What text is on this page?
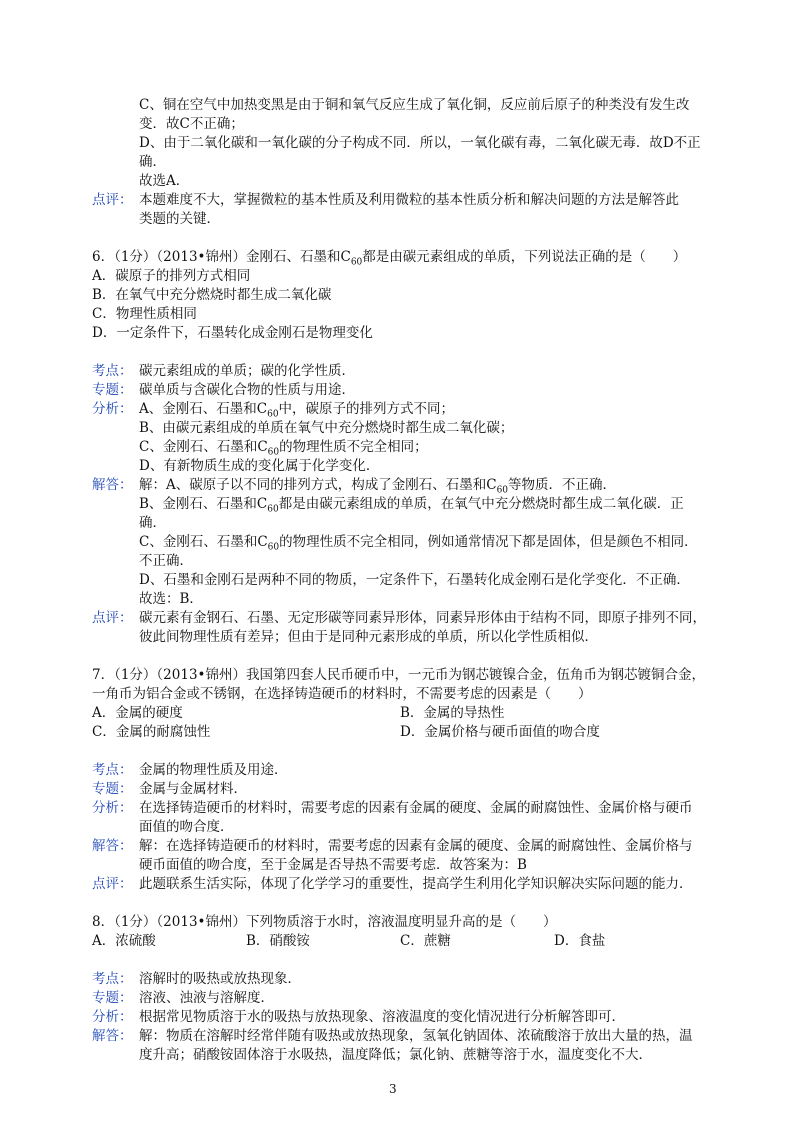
C、铜在空气中加热变黑是由于铜和氧气反应生成了氧化铜，反应前后原子的种类没有发生改
变．故C不正确；
D、由于二氧化碳和一氧化碳的分子构成不同．所以，一氧化碳有毒，二氧化碳无毒．故D不正
确．
故选A．
点评： 本题难度不大，掌握微粒的基本性质及利用微粒的基本性质分析和解决问题的方法是解答此
类题的关键．
6．（1分）（2013•锦州）金刚石、石墨和$C_{60}$都是由碳元素组成的单质，下列说法正确的是（　　）
A．碳原子的排列方式相同
B．在氧气中充分燃烧时都生成二氧化碳
C．物理性质相同
D．一定条件下，石墨转化成金刚石是物理变化
考点： 碳元素组成的单质；碳的化学性质．
专题： 碳单质与含碳化合物的性质与用途．
分析： A、金刚石、石墨和$C_{60}$中，碳原子的排列方式不同；
B、由碳元素组成的单质在氧气中充分燃烧时都生成二氧化碳；
C、金刚石、石墨和$C_{60}$的物理性质不完全相同；
D、有新物质生成的变化属于化学变化．
解答： 解：A、碳原子以不同的排列方式，构成了金刚石、石墨和$C_{60}$等物质．不正确．
B、金刚石、石墨和$C_{60}$都是由碳元素组成的单质，在氧气中充分燃烧时都生成二氧化碳．正
确．
C、金刚石、石墨和$C_{60}$的物理性质不完全相同，例如通常情况下都是固体，但是颜色不相同．
不正确．
D、石墨和金刚石是两种不同的物质，一定条件下，石墨转化成金刚石是化学变化．不正确．
故选：B．
点评： 碳元素有金钢石、石墨、无定形碳等同素异形体，同素异形体由于结构不同，即原子排列不同，
彼此间物理性质有差异；但由于是同种元素形成的单质，所以化学性质相似．
7．（1分）（2013•锦州）我国第四套人民币硬币中，一元币为钢芯镀镍合金，伍角币为钢芯镀铜合金，
一角币为铝合金或不锈钢，在选择铸造硬币的材料时，不需要考虑的因素是（　　）
A．金属的硬度	B．金属的导热性
C．金属的耐腐蚀性	D．金属价格与硬币面值的吻合度
考点： 金属的物理性质及用途．
专题： 金属与金属材料．
分析： 在选择铸造硬币的材料时，需要考虑的因素有金属的硬度、金属的耐腐蚀性、金属价格与硬币
面值的吻合度．
解答： 解：在选择铸造硬币的材料时，需要考虑的因素有金属的硬度、金属的耐腐蚀性、金属价格与
硬币面值的吻合度，至于金属是否导热不需要考虑．故答案为：B
点评： 此题联系生活实际，体现了化学学习的重要性，提高学生利用化学知识解决实际问题的能力．
8．（1分）（2013•锦州）下列物质溶于水时，溶液温度明显升高的是（　　）
A．浓硫酸	B．硝酸铵	C．蔗糖	D．食盐
考点： 溶解时的吸热或放热现象．
专题： 溶液、浊液与溶解度．
分析： 根据常见物质溶于水的吸热与放热现象、溶液温度的变化情况进行分析解答即可．
解答： 解：物质在溶解时经常伴随有吸热或放热现象，氢氧化钠固体、浓硫酸溶于放出大量的热，温
度升高；硝酸铵固体溶于水吸热，温度降低；氯化钠、蔗糖等溶于水，温度变化不大．
3
